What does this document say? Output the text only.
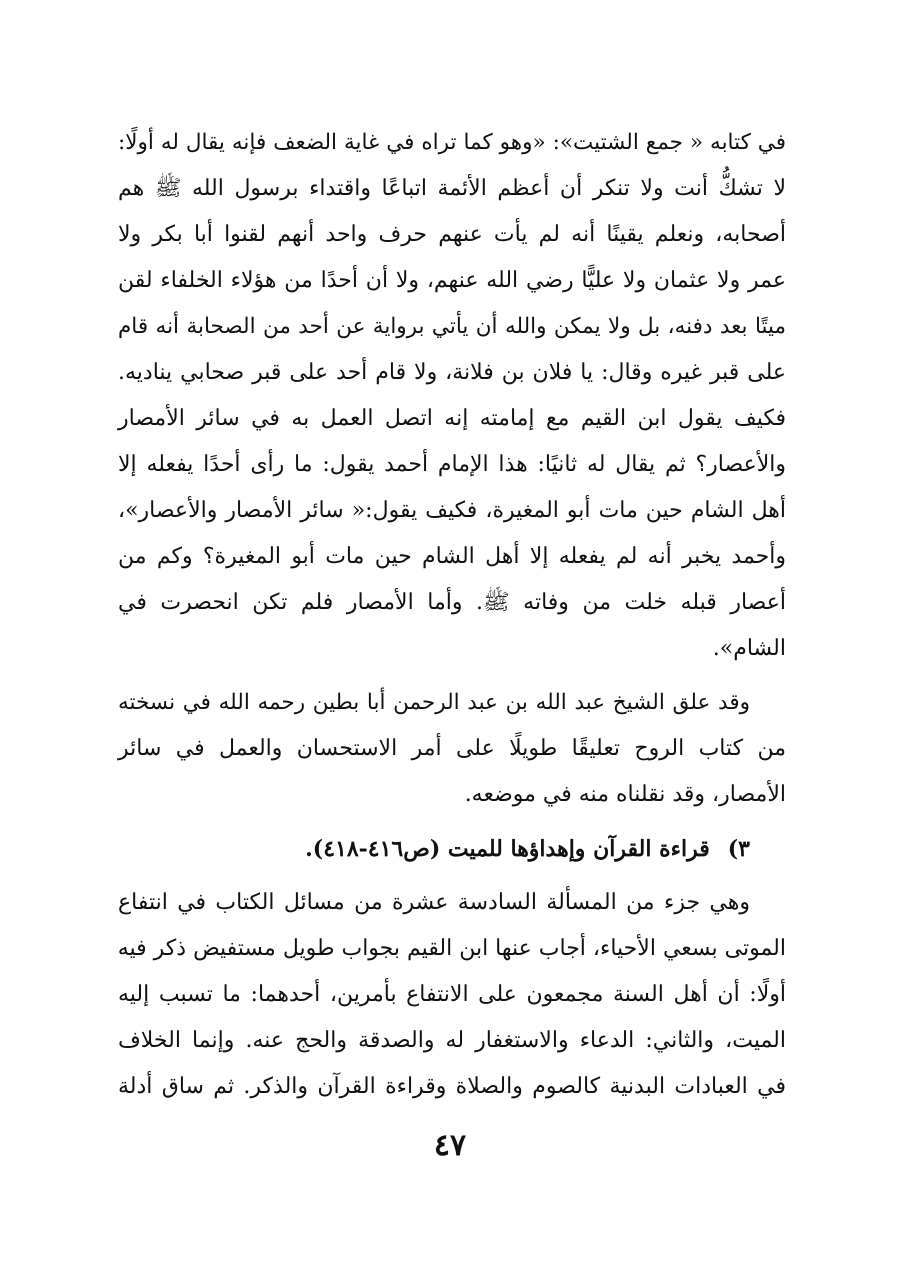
في كتابه « جمع الشتيت»: «وهو كما تراه في غاية الضعف فإنه يقال له أولًا:
لا تشكُّ أنت ولا تنكر أن أعظم الأئمة اتباعًا واقتداء برسول الله ﷺ هم
أصحابه، ونعلم يقينًا أنه لم يأت عنهم حرف واحد أنهم لقنوا أبا بكر ولا
عمر ولا عثمان ولا عليًّا رضي الله عنهم، ولا أن أحدًا من هؤلاء الخلفاء لقن
ميتًا بعد دفنه، بل ولا يمكن والله أن يأتي برواية عن أحد من الصحابة أنه قام
على قبر غيره وقال: يا فلان بن فلانة، ولا قام أحد على قبر صحابي يناديه.
فكيف يقول ابن القيم مع إمامته إنه اتصل العمل به في سائر الأمصار
والأعصار؟ ثم يقال له ثانيًا: هذا الإمام أحمد يقول: ما رأى أحدًا يفعله إلا
أهل الشام حين مات أبو المغيرة، فكيف يقول:« سائر الأمصار والأعصار»،
وأحمد يخبر أنه لم يفعله إلا أهل الشام حين مات أبو المغيرة؟ وكم من
أعصار قبله خلت من وفاته ﷺ. وأما الأمصار فلم تكن انحصرت في
الشام».
وقد علق الشيخ عبد الله بن عبد الرحمن أبا بطين رحمه الله في نسخته
من كتاب الروح تعليقًا طويلًا على أمر الاستحسان والعمل في سائر
الأمصار، وقد نقلناه منه في موضعه.
٣)قراءة القرآن وإهداؤها للميت (ص٤١٦-٤١٨).
وهي جزء من المسألة السادسة عشرة من مسائل الكتاب في انتفاع
الموتى بسعي الأحياء، أجاب عنها ابن القيم بجواب طويل مستفيض ذكر فيه
أولًا: أن أهل السنة مجمعون على الانتفاع بأمرين، أحدهما: ما تسبب إليه
الميت، والثاني: الدعاء والاستغفار له والصدقة والحج عنه. وإنما الخلاف
في العبادات البدنية كالصوم والصلاة وقراءة القرآن والذكر. ثم ساق أدلة
٤٧
